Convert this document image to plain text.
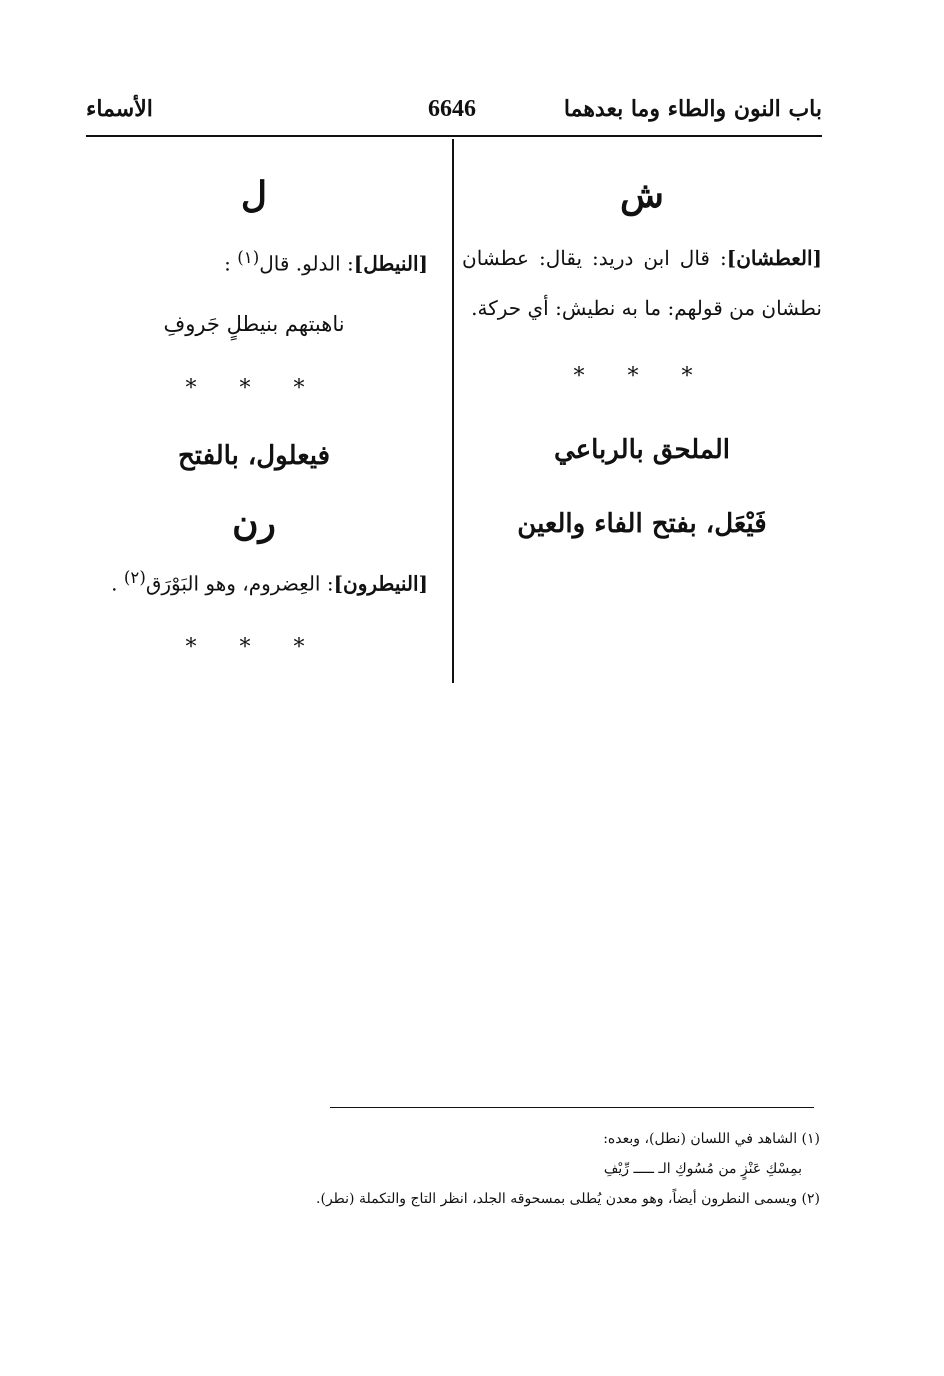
باب النون والطاء وما بعدهما
6646
الأسماء
ش
[العطشان]: قال ابن دريد: يقال: عطشان نطشان من قولهم: ما به نطيش: أي حركة.
* * *
الملحق بالرباعي
فَيْعَل، بفتح الفاء والعين
ل
[النيطل]: الدلو. قال$^{(١)}$ :
ناهبتهم بنيطلٍ جَروفِ
* * *
فيعلول، بالفتح
رن
[النيطرون]: العِضروم، وهو البَوْرَق$^{(٢)}$ .
* * *
(١) الشاهد في اللسان (نطل)، وبعده:
بمِسْكِ عَنْزٍ من مُسُوكِ الـ ـــــ رِّيْفِ
(٢) ويسمى النطرون أيضاً، وهو معدن يُطلى بمسحوقه الجلد، انظر التاج والتكملة (نطر).
